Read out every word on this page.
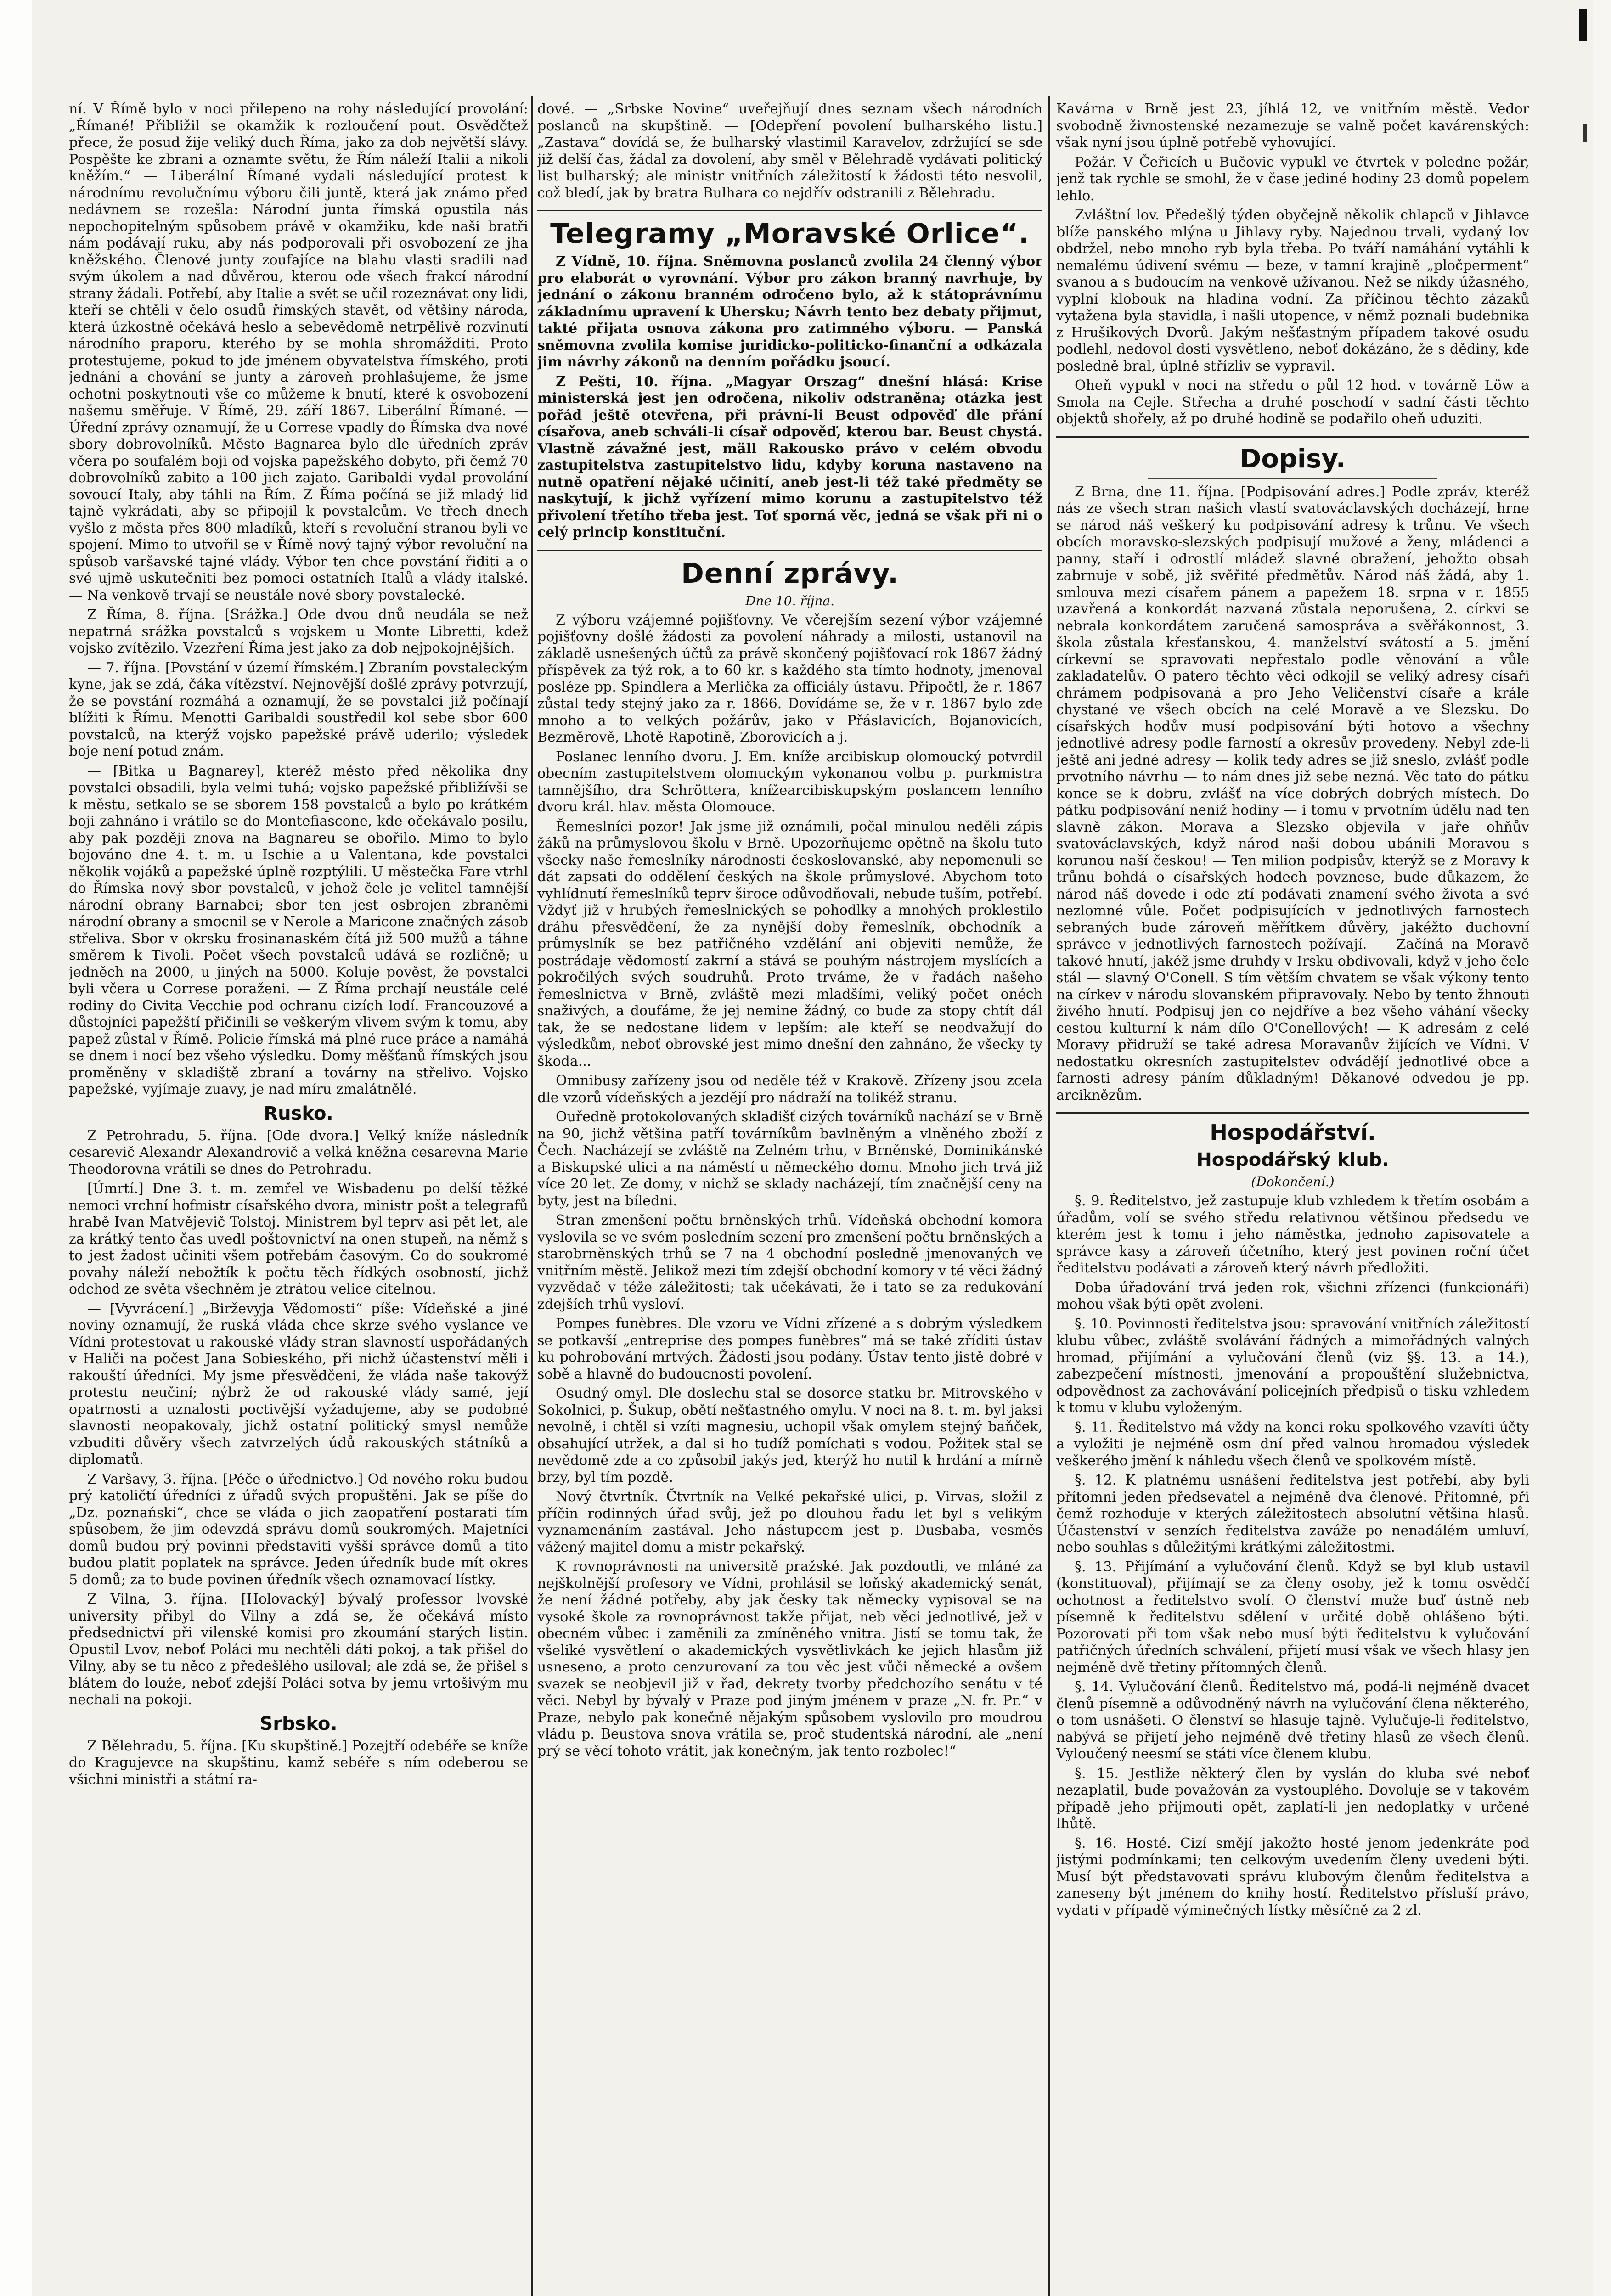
ní. V Římě bylo v noci přilepeno na rohy následující provolání: „Římané! Přibližil se okamžik k rozloučení pout. Osvědčtež přece, že posud žije veliký duch Říma, jako za dob největší slávy. Pospěšte ke zbrani a oznamte světu, že Řím náleží Italii a nikoli kněžím.“ — Liberální Římané vydali následující protest k národnímu revolučnímu výboru čili juntě, která jak známo před nedávnem se rozešla: Národní junta římská opustila nás nepochopitelným spůsobem právě v okamžiku, kde naši bratři nám podávají ruku, aby nás podporovali při osvobození ze jha kněžského. Členové junty zoufajíce na blahu vlasti sradili nad svým úkolem a nad důvěrou, kterou ode všech frakcí národní strany žádali. Potřebí, aby Italie a svět se učil rozeznávat ony lidi, kteří se chtěli v čelo osudů římských stavět, od většiny národa, která úzkostně očekává heslo a sebevědomě netrpělivě rozvinutí národního praporu, kterého by se mohla shromážditi. Proto protestujeme, pokud to jde jménem obyvatelstva římského, proti jednání a chování se junty a zároveň prohlašujeme, že jsme ochotni poskytnouti vše co můžeme k bnutí, které k osvobození našemu směřuje. V Římě, 29. září 1867. Liberální Římané. — Úřední zprávy oznamují, že u Correse vpadly do Římska dva nové sbory dobrovolníků. Město Bagnarea bylo dle úředních zpráv včera po soufalém boji od vojska papežského dobyto, při čemž 70 dobrovolníků zabito a 100 jich zajato. Garibaldi vydal provolání sovoucí Italy, aby táhli na Řím. Z Říma počíná se již mladý lid tajně vykrádati, aby se připojil k povstalcům. Ve třech dnech vyšlo z města přes 800 mladíků, kteří s revoluční stranou byli ve spojení. Mimo to utvořil se v Římě nový tajný výbor revoluční na spůsob varšavské tajné vlády. Výbor ten chce povstání řiditi a o své ujmě uskutečniti bez pomoci ostatních Italů a vlády italské. — Na venkově trvají se neustále nové sbory povstalecké.

Z Říma, 8. října. [Srážka.] Ode dvou dnů neudála se než nepatrná srážka povstalců s vojskem u Monte Libretti, kdež vojsko zvítězilo. Vzezření Říma jest jako za dob nejpokojnějších.

— 7. října. [Povstání v území římském.] Zbraním povstaleckým kyne, jak se zdá, čáka vítězství. Nejnovější došlé zprávy potvrzují, že se povstání rozmáhá a oznamují, že se povstalci již počínají blížiti k Římu. Menotti Garibaldi soustředil kol sebe sbor 600 povstalců, na kterýž vojsko papežské právě uderilo; výsledek boje není potud znám.

— [Bitka u Bagnarey], kteréž město před několika dny povstalci obsadili, byla velmi tuhá; vojsko papežské přibližívši se k městu, setkalo se se sborem 158 povstalců a bylo po krátkém boji zahnáno i vrátilo se do Montefiascone, kde očekávalo posilu, aby pak později znova na Bagnareu se obořilo. Mimo to bylo bojováno dne 4. t. m. u Ischie a u Valentana, kde povstalci několik vojáků a papežské úplně rozptýlili. U městečka Fare vtrhl do Římska nový sbor povstalců, v jehož čele je velitel tamnější národní obrany Barnabei; sbor ten jest osbrojen zbraněmi národní obrany a smocnil se v Nerole a Maricone značných zásob střeliva. Sbor v okrsku frosinanaském čítá již 500 mužů a táhne směrem k Tivoli. Počet všech povstalců udává se rozličně; u jedněch na 2000, u jiných na 5000. Koluje pověst, že povstalci byli včera u Correse poraženi. — Z Říma prchají neustále celé rodiny do Civita Vecchie pod ochranu cizích lodí. Francouzové a důstojníci papežští přičinili se veškerým vlivem svým k tomu, aby papež zůstal v Římě. Policie římská má plné ruce práce a namáhá se dnem i nocí bez všeho výsledku. Domy měšťanů římských jsou proměněny v skladiště zbraní a továrny na střelivo. Vojsko papežské, vyjímaje zuavy, je nad míru zmalátnělé.

Rusko.

Z Petrohradu, 5. října. [Ode dvora.] Velký kníže následník cesarevič Alexandr Alexandrovič a velká kněžna cesarevna Marie Theodorovna vrátili se dnes do Petrohradu.

[Úmrtí.] Dne 3. t. m. zemřel ve Wisbadenu po delší těžké nemoci vrchní hofmistr císařského dvora, ministr pošt a telegrafů hrabě Ivan Matvějevič Tolstoj. Ministrem byl teprv asi pět let, ale za krátký tento čas uvedl poštovnictví na onen stupeň, na němž s to jest žadost učiniti všem potřebám časovým. Co do soukromé povahy náleží nebožtík k počtu těch řídkých osobností, jichž odchod ze světa všechněm je ztrátou velice citelnou.

— [Vyvrácení.] „Birževyja Vědomosti“ píše: Vídeňské a jiné noviny oznamují, že ruská vláda chce skrze svého vyslance ve Vídni protestovat u rakouské vlády stran slavností uspořádaných v Haliči na počest Jana Sobieského, při nichž účastenství měli i rakouští úředníci. My jsme přesvědčeni, že vláda naše takovýž protestu neučiní; nýbrž že od rakouské vlády samé, její opatrnosti a uznalosti poctivější vyžadujeme, aby se podobné slavnosti neopakovaly, jichž ostatní politický smysl nemůže vzbuditi důvěry všech zatvrzelých údů rakouských státníků a diplomatů.

Z Varšavy, 3. října. [Péče o úřednictvo.] Od nového roku budou prý katoličtí úředníci z úřadů svých propuštěni. Jak se píše do „Dz. poznański“, chce se vláda o jich zaopatření postarati tím spůsobem, že jim odevzdá správu domů soukromých. Majetníci domů budou prý povinni představiti vyšší správce domů a tito budou platit poplatek na správce. Jeden úředník bude mít okres 5 domů; za to bude povinen úředník všech oznamovací lístky.

Z Vilna, 3. října. [Holovacký] bývalý professor lvovské university přibyl do Vilny a zdá se, že očekává místo předsednictví při vilenské komisi pro zkoumání starých listin. Opustil Lvov, neboť Poláci mu nechtěli dáti pokoj, a tak přišel do Vilny, aby se tu něco z předešlého usiloval; ale zdá se, že přišel s blátem do louže, neboť zdejší Poláci sotva by jemu vrtošivým mu nechali na pokoji.

Srbsko.

Z Bělehradu, 5. října. [Ku skupštině.] Pozejtří odebéře se kníže do Kragujevce na skupštinu, kamž sebéře s ním odeberou se všichni ministři a státní ra-

dové. — „Srbske Novine“ uveřejňují dnes seznam všech národních poslanců na skupštině. — [Odepření povolení bulharského listu.] „Zastava“ dovídá se, že bulharský vlastimil Karavelov, zdržující se sde již delší čas, žádal za dovolení, aby směl v Bělehradě vydávati politický list bulharský; ale ministr vnitřních záležitostí k žádosti této nesvolil, což bledí, jak by bratra Bulhara co nejdřív odstranili z Bělehradu.

Telegramy „Moravské Orlice“.

Z Vídně, 10. října. Sněmovna poslanců zvolila 24 členný výbor pro elaborát o vyrovnání. Výbor pro zákon branný navrhuje, by jednání o zákonu branném odročeno bylo, až k státoprávnímu základnímu upravení k Uhersku; Návrh tento bez debaty přijmut, takté přijata osnova zákona pro zatimného výboru. — Panská sněmovna zvolila komise juridicko-politicko-finanční a odkázala jim návrhy zákonů na denním pořádku jsoucí.

Z Pešti, 10. října. „Magyar Orszag“ dnešní hlásá: Krise ministerská jest jen odročena, nikoliv odstraněna; otázka jest pořád ještě otevřena, při právní-li Beust odpověď dle přání císařova, aneb schváli-li císař odpověď, kterou bar. Beust chystá. Vlastně závažné jest, mäll Rakousko právo v celém obvodu zastupitelstva zastupitelstvo lidu, kdyby koruna nastaveno na nutně opatření nějaké učinití, aneb jest-li též také předměty se naskytují, k jichž vyřízení mimo korunu a zastupitelstvo též přivolení třetího třeba jest. Toť sporná věc, jedná se však při ni o celý princip konstituční.

Denní zprávy.
Dne 10. října.

Z výboru vzájemné pojišťovny. Ve včerejším sezení výbor vzájemné pojišťovny došlé žádosti za povolení náhrady a milosti, ustanovil na základě usnešených účtů za právě skončený pojišťovací rok 1867 žádný příspěvek za týž rok, a to 60 kr. s každého sta tímto hodnoty, jmenoval posléze pp. Spindlera a Merlička za officiály ústavu. Připočtl, že r. 1867 zůstal tedy stejný jako za r. 1866. Dovídáme se, že v r. 1867 bylo zde mnoho a to velkých požárův, jako v Přáslavicích, Bojanovicích, Bezměrově, Lhotě Rapotině, Zborovicích a j.

Poslanec lenního dvoru. J. Em. kníže arcibiskup olomoucký potvrdil obecním zastupitelstvem olomuckým vykonanou volbu p. purkmistra tamnějšího, dra Schröttera, knížearcibiskupským poslancem lenního dvoru král. hlav. města Olomouce.

Řemeslníci pozor! Jak jsme již oznámili, počal minulou neděli zápis žáků na průmyslovou školu v Brně. Upozorňujeme opětně na školu tuto všecky naše řemeslníky národnosti českoslovanské, aby nepomenuli se dát zapsati do oddělení českých na škole průmyslové. Abychom toto vyhlídnutí řemeslníků teprv široce odůvodňovali, nebude tuším, potřebí. Vždyť již v hrubých řemeslnických se pohodlky a mnohých proklestilo dráhu přesvědčení, že za nynější doby řemeslník, obchodník a průmyslník se bez patřičného vzdělání ani objeviti nemůže, že postrádaje vědomostí zakrní a stává se pouhým nástrojem myslících a pokročilých svých soudruhů. Proto trváme, že v řadách našeho řemeslnictva v Brně, zvláště mezi mladšími, veliký počet onéch snaživých, a doufáme, že jej nemine žádný, co bude za stopy chtít dál tak, že se nedostane lidem v lepším: ale kteří se neodvažují do výsledkům, neboť obrovské jest mimo dnešní den zahnáno, že všecky ty škoda...

Omnibusy zařízeny jsou od neděle též v Krakově. Zřízeny jsou zcela dle vzorů vídeňských a jezdějí pro nádraží na tolikéž stranu.

Ouředně protokolovaných skladišť cizých továrníků nachází se v Brně na 90, jichž většina patří továrníkům bavlněným a vlněného zboží z Čech. Nacházejí se zvláště na Zelném trhu, v Brněnské, Dominikánské a Biskupské ulici a na náměstí u německého domu. Mnoho jich trvá již více 20 let. Ze domy, v nichž se sklady nacházejí, tím značnější ceny na byty, jest na bíledni.

Stran zmenšení počtu brněnských trhů. Vídeňská obchodní komora vyslovila se ve svém posledním sezení pro zmenšení počtu brněnských a starobrněnských trhů se 7 na 4 obchodní posledně jmenovaných ve vnitřním městě. Jelikož mezi tím zdejší obchodní komory v té věci žádný vyzvědač v téže záležitosti; tak učekávati, že i tato se za redukování zdejších trhů vysloví.

Pompes funèbres. Dle vzoru ve Vídni zřízené a s dobrým výsledkem se potkavší „entreprise des pompes funèbres“ má se také zříditi ústav ku pohrobování mrtvých. Žádosti jsou podány. Ústav tento jistě dobré v sobě a hlavně do budoucnosti povolení.

Osudný omyl. Dle doslechu stal se dosorce statku br. Mitrovského v Sokolnici, p. Šukup, obětí nešťastného omylu. V noci na 8. t. m. byl jaksi nevolně, i chtěl si vzíti magnesiu, uchopil však omylem stejný baňček, obsahující utržek, a dal si ho tudíž pomíchati s vodou. Požitek stal se nevědomě zde a co způsobil jakýs jed, kterýž ho nutil k hrdání a mírně brzy, byl tím pozdě.

Nový čtvrtník. Čtvrtník na Velké pekařské ulici, p. Virvas, složil z příčin rodinných úřad svůj, jež po dlouhou řadu let byl s velikým vyznamenáním zastával. Jeho nástupcem jest p. Dusbaba, vesměs vážený majitel domu a mistr pekařský.

K rovnoprávnosti na universitě pražské. Jak pozdoutli, ve mláné za nejškolnější profesory ve Vídni, prohlásil se loňský akademický senát, že není žádné potřeby, aby jak česky tak německy vypisoval se na vysoké škole za rovnoprávnost takže přijat, neb věci jednotlivé, jež v obecném vůbec i zaměnili za zmíněného vnitra. Jistí se tomu tak, že všeliké vysvětlení o akademických vysvětlivkách ke jejich hlasům již usneseno, a proto cenzurovaní za tou věc jest vůči německé a ovšem svazek se neobjevil již v řad, dekrety tvorby předchozího senátu v té věci. Nebyl by bývalý v Praze pod jiným jménem v praze „N. fr. Pr.“ v Praze, nebylo pak konečně nějakým spůsobem vyslovilo pro moudrou vládu p. Beustova snova vrátila se, proč studentská národní, ale „není prý se věcí tohoto vrátit, jak konečným, jak tento rozbolec!“

Kavárna v Brně jest 23, jíhlá 12, ve vnitřním městě. Vedor svobodně živnostenské nezamezuje se valně počet kavárenských: však nyní jsou úplně potřebě vyhovující.

Požár. V Čeřicích u Bučovic vypukl ve čtvrtek v poledne požár, jenž tak rychle se smohl, že v čase jediné hodiny 23 domů popelem lehlo.

Zvláštní lov. Předešlý týden obyčejně několik chlapců v Jihlavce blíže panského mlýna u Jihlavy ryby. Najednou trvali, vydaný lov obdržel, nebo mnoho ryb byla třeba. Po tváří namáhání vytáhli k nemalému údivení svému — beze, v tamní krajině „pločperment“ svanou a s budoucím na venkově užívanou. Než se nikdy úžasného, vyplní klobouk na hladina vodní. Za příčinou těchto zázaků vytažena byla stavidla, i našli utopence, v němž poznali budebnika z Hrušikových Dvorů. Jakým nešťastným případem takové osudu podlehl, nedovol dosti vysvětleno, neboť dokázáno, že s dědiny, kde posledně bral, úplně střízliv se vypravil.

Oheň vypukl v noci na středu o půl 12 hod. v továrně Löw a Smola na Cejle. Střecha a druhé poschodí v sadní části těchto objektů shořely, až po druhé hodině se podařilo oheň uduziti.

Dopisy.

Z Brna, dne 11. října. [Podpisování adres.] Podle zpráv, kteréž nás ze všech stran našich vlastí svatováclavských docházejí, hrne se národ náš veškerý ku podpisování adresy k trůnu. Ve všech obcích moravsko-slezských podpisují mužové a ženy, mládenci a panny, staří i odrostlí mládež slavné obražení, jehožto obsah zabrnuje v sobě, již svěřité předmětův. Národ náš žádá, aby 1. smlouva mezi císařem pánem a papežem 18. srpna v r. 1855 uzavřená a konkordát nazvaná zůstala neporušena, 2. církvi se nebrala konkordátem zaručená samospráva a svěřákonnost, 3. škola zůstala křesťanskou, 4. manželství svátostí a 5. jmění církevní se spravovati nepřestalo podle věnování a vůle zakladatelův. O patero těchto věci odkojil se veliký adresy císaři chrámem podpisovaná a pro Jeho Veličenství císaře a krále chystané ve všech obcích na celé Moravě a ve Slezsku. Do císařských hodův musí podpisování býti hotovo a všechny jednotlivé adresy podle farností a okresův provedeny. Nebyl zde-li ještě ani jedné adresy — kolik tedy adres se již sneslo, zvlášť podle prvotního návrhu — to nám dnes již sebe nezná. Věc tato do pátku konce se k dobru, zvlášť na více dobrých dobrých místech. Do pátku podpisování neniž hodiny — i tomu v prvotním údělu nad ten slavně zákon. Morava a Slezsko objevila v jaře ohňův svatováclavských, když národ naši dobou ubánili Moravou s korunou naší českou! — Ten milion podpisův, kterýž se z Moravy k trůnu bohdá o císařských hodech povznese, bude důkazem, že národ náš dovede i ode ztí podávati znamení svého života a své nezlomné vůle. Počet podpisujících v jednotlivých farnostech sebraných bude zároveň měřítkem důvěry, jakéžto duchovní správce v jednotlivých farnostech požívají. — Začíná na Moravě takové hnutí, jakéž jsme druhdy v Irsku obdivovali, když v jeho čele stál — slavný O'Conell. S tím větším chvatem se však výkony tento na církev v národu slovanském připravovaly. Nebo by tento žhnouti živého hnutí. Podpisuj jen co nejdříve a bez všeho váhání všecky cestou kulturní k nám dílo O'Conellových! — K adresám z celé Moravy přidruží se také adresa Moravanův žijících ve Vídni. V nedostatku okresních zastupitelstev odvádějí jednotlivé obce a farnosti adresy páním důkladným! Děkanové odvedou je pp. arciknězům.

Hospodářství.
Hospodářský klub.
(Dokončení.)

§. 9. Ředitelstvo, jež zastupuje klub vzhledem k třetím osobám a úřadům, volí se svého středu relativnou většinou předsedu ve kterém jest k tomu i jeho náměstka, jednoho zapisovatele a správce kasy a zároveň účetního, který jest povinen roční účet ředitelstvu podávati a zároveň který návrh předložiti.

Doba úřadování trvá jeden rok, všichni zřízenci (funkcionáři) mohou však býti opět zvoleni.

§. 10. Povinnosti ředitelstva jsou: spravování vnitřních záležitostí klubu vůbec, zvláště svolávání řádných a mimořádných valných hromad, přijímání a vylučování členů (viz §§. 13. a 14.), zabezpečení místnosti, jmenování a propouštění služebnictva, odpovědnost za zachovávání policejních předpisů o tisku vzhledem k tomu v klubu vyloženým.

§. 11. Ředitelstvo má vždy na konci roku spolkového vzavíti účty a vyložiti je nejméně osm dní před valnou hromadou výsledek veškerého jmění k náhledu všech členů ve spolkovém místě.

§. 12. K platnému usnášení ředitelstva jest potřebí, aby byli přítomni jeden předsevatel a nejméně dva členové. Přítomné, při čemž rozhoduje v kterých záležitostech absolutní většina hlasů. Účastenství v senzích ředitelstva zaváže po nenadálém umluví, nebo souhlas s důležitými krátkými záležitostmi.

§. 13. Přijímání a vylučování členů. Když se byl klub ustavil (konstituoval), přijímají se za členy osoby, jež k tomu osvědčí ochotnost a ředitelstvo svolí. O členství muže buď ústně neb písemně k ředitelstvu sdělení v určité době ohlášeno býti. Pozorovati při tom však nebo musí býti ředitelstvu k vylučování patřičných úředních schválení, přijetí musí však ve všech hlasy jen nejméně dvě třetiny přítomných členů.

§. 14. Vylučování členů. Ředitelstvo má, podá-li nejméně dvacet členů písemně a odůvodněný návrh na vylučování člena některého, o tom usnášeti. O členství se hlasuje tajně. Vylučuje-li ředitelstvo, nabývá se přijetí jeho nejméně dvě třetiny hlasů ze všech členů. Vyloučený neesmí se státi více členem klubu.

§. 15. Jestliže některý člen by vyslán do kluba své neboť nezaplatil, bude považován za vystouplého. Dovoluje se v takovém případě jeho přijmouti opět, zaplatí-li jen nedoplatky v určené lhůtě.

§. 16. Hosté. Cizí smějí jakožto hosté jenom jedenkráte pod jistými podmínkami; ten celkovým uvedením členy uvedeni býti. Musí být představovati správu klubovým členům ředitelstva a zaneseny být jménem do knihy hostí. Ředitelstvo přísluší právo, vydati v případě výminečných lístky měsíčně za 2 zl.
